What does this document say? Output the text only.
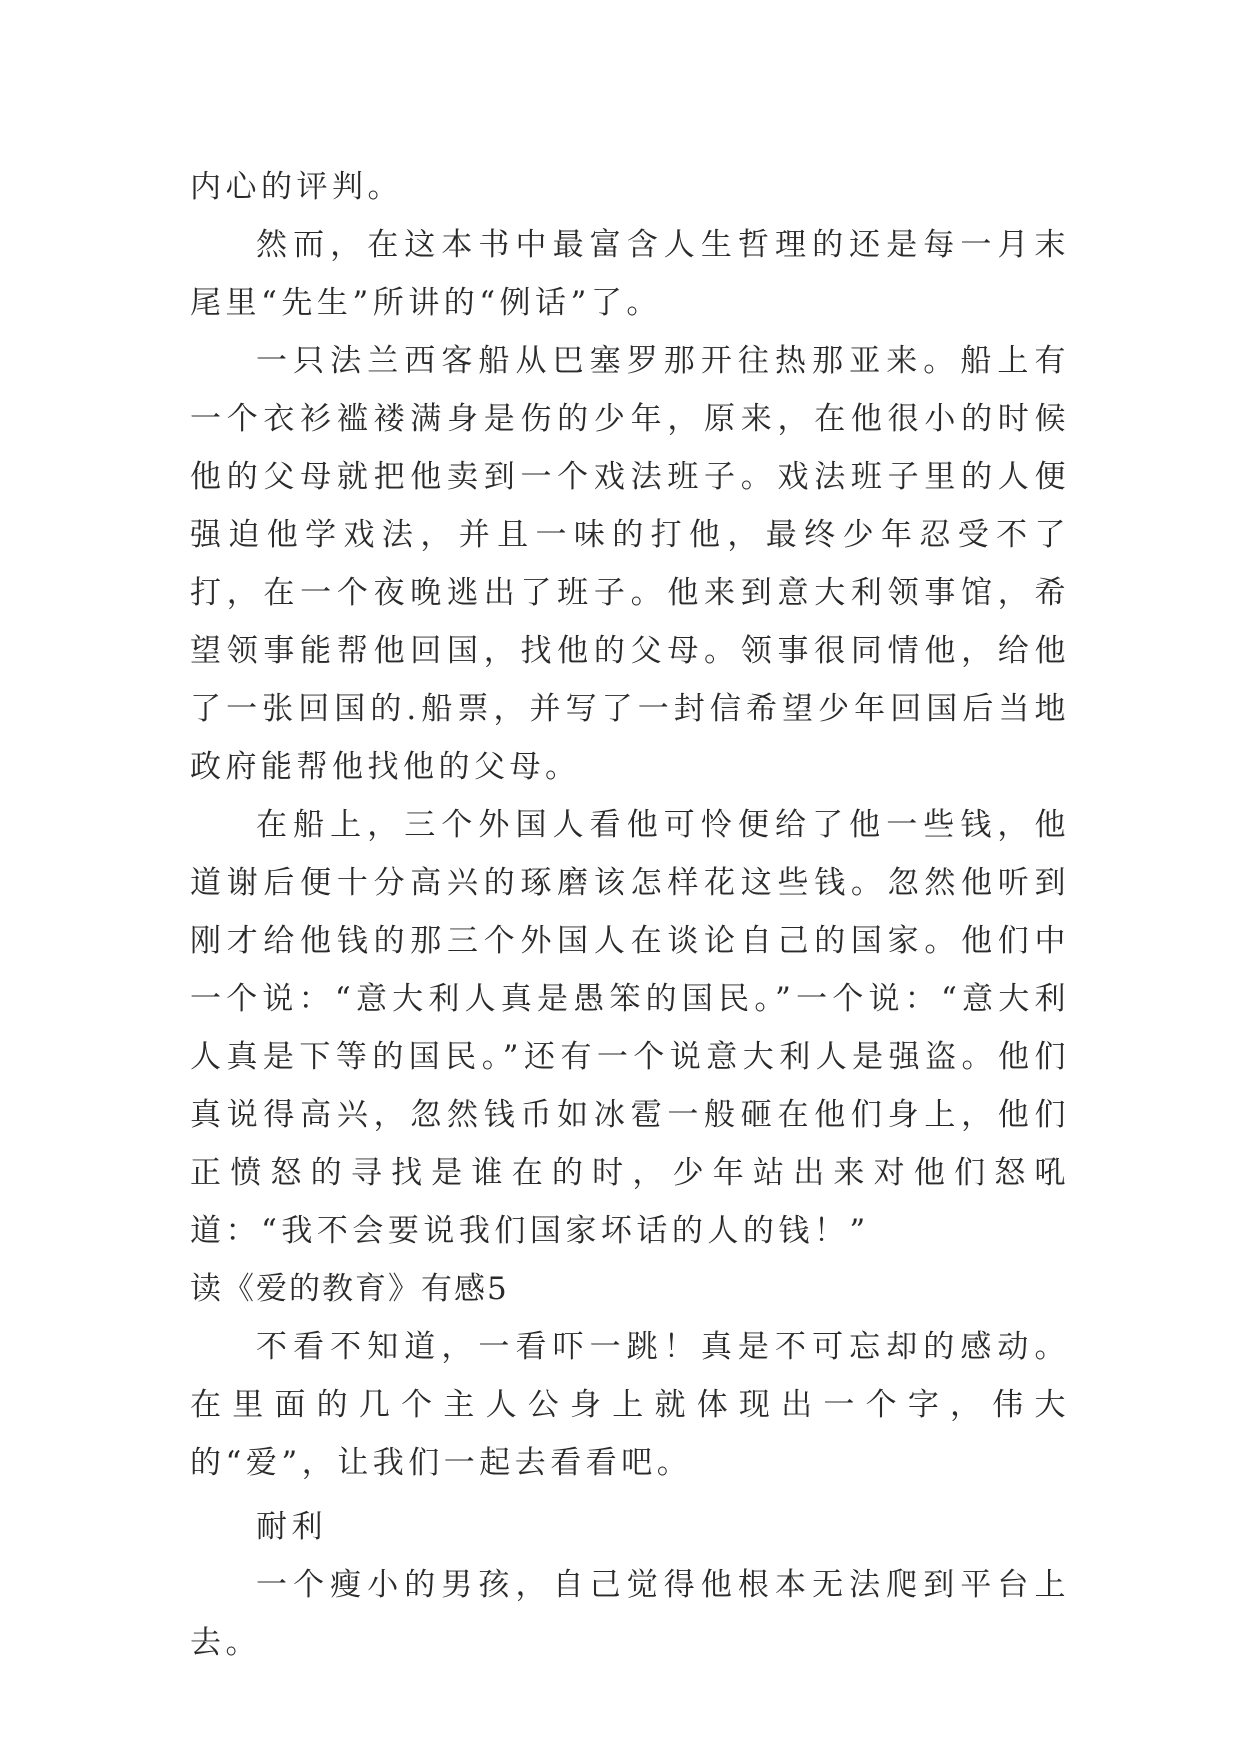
内心的评判。

然而，在这本书中最富含人生哲理的还是每一月末尾里“先生”所讲的“例话”了。

一只法兰西客船从巴塞罗那开往热那亚来。船上有一个衣衫褴褛满身是伤的少年，原来，在他很小的时候他的父母就把他卖到一个戏法班子。戏法班子里的人便强迫他学戏法，并且一味的打他，最终少年忍受不了打，在一个夜晚逃出了班子。他来到意大利领事馆，希望领事能帮他回国，找他的父母。领事很同情他，给他了一张回国的.船票，并写了一封信希望少年回国后当地政府能帮他找他的父母。

在船上，三个外国人看他可怜便给了他一些钱，他道谢后便十分高兴的琢磨该怎样花这些钱。忽然他听到刚才给他钱的那三个外国人在谈论自己的国家。他们中一个说：“意大利人真是愚笨的国民。”一个说：“意大利人真是下等的国民。”还有一个说意大利人是强盗。他们真说得高兴，忽然钱币如冰雹一般砸在他们身上，他们正愤怒的寻找是谁在的时，少年站出来对他们怒吼道：“我不会要说我们国家坏话的人的钱！”

读《爱的教育》有感5

不看不知道，一看吓一跳！真是不可忘却的感动。在里面的几个主人公身上就体现出一个字，伟大的“爱”，让我们一起去看看吧。

耐利

一个瘦小的男孩，自己觉得他根本无法爬到平台上去。
